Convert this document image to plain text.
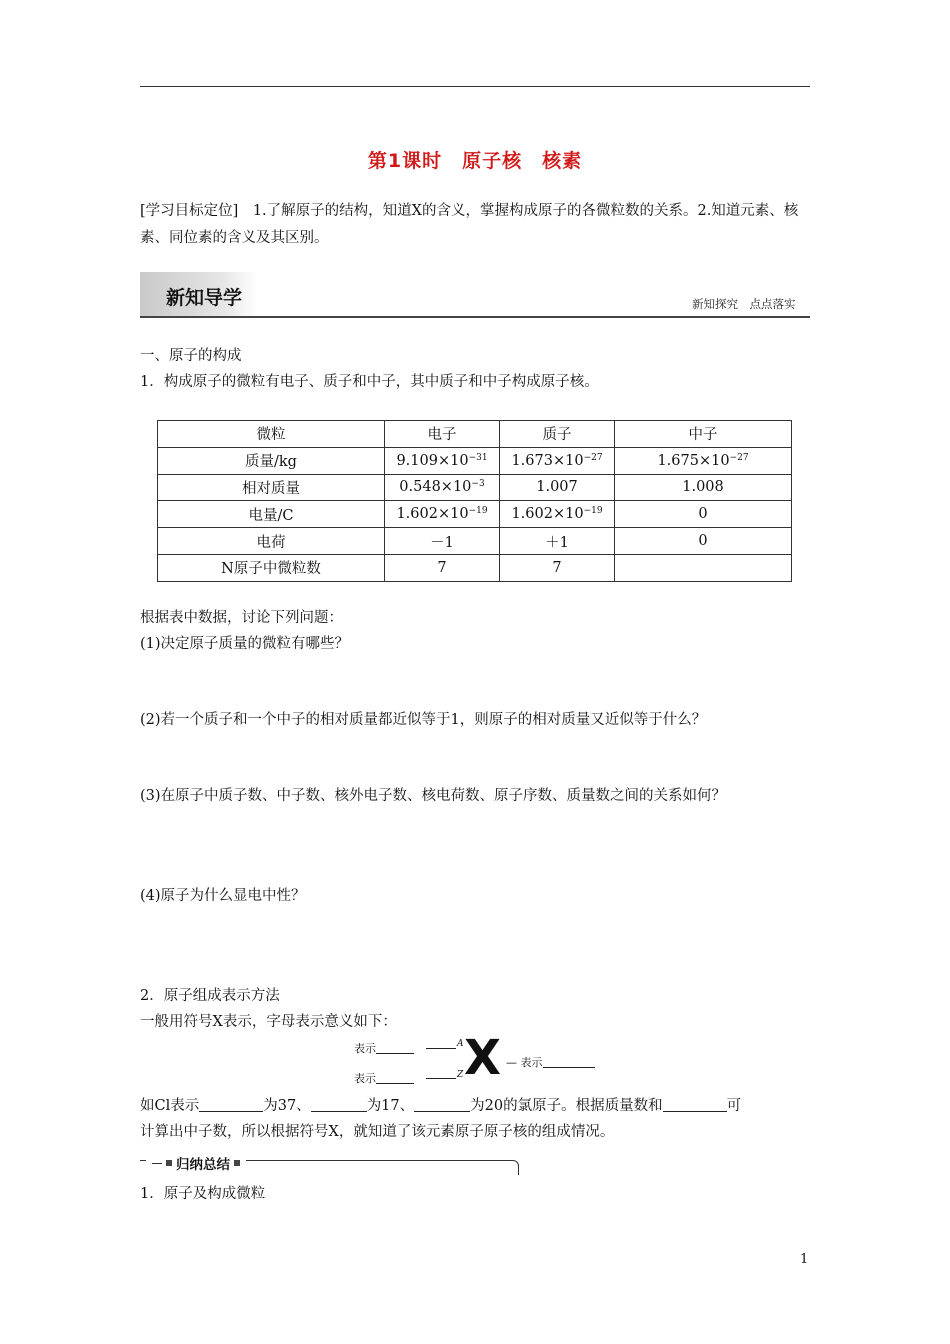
第1课时　原子核　核素
[学习目标定位]　1.了解原子的结构，知道X的含义，掌握构成原子的各微粒数的关系。2.知道元素、核素、同位素的含义及其区别。
新知导学	新知探究　点点落实
一、原子的构成
1．构成原子的微粒有电子、质子和中子，其中质子和中子构成原子核。
微粒	电子	质子	中子
质量/kg	$9.109\times 10^{-31}$	$1.673\times 10^{-27}$	$1.675\times 10^{-27}$
相对质量	$0.548\times 10^{-3}$	1.007	1.008
电量/C	$1.602\times 10^{-19}$	$1.602\times 10^{-19}$	0
电荷	－1	＋1	0
N原子中微粒数	7	7	
根据表中数据，讨论下列问题：
(1)决定原子质量的微粒有哪些？
(2)若一个质子和一个中子的相对质量都近似等于1，则原子的相对质量又近似等于什么？
(3)在原子中质子数、中子数、核外电子数、核电荷数、原子序数、质量数之间的关系如何？
(4)原子为什么显电中性？
2．原子组成表示方法
一般用符号X表示，字母表示意义如下：
表示	A
表示	Z X — 表示
如Cl表示	为37、	为17、	为20的氯原子。根据质量数和	可
计算出中子数，所以根据符号X，就知道了该元素原子原子核的组成情况。
归纳总结
1．原子及构成微粒
1
